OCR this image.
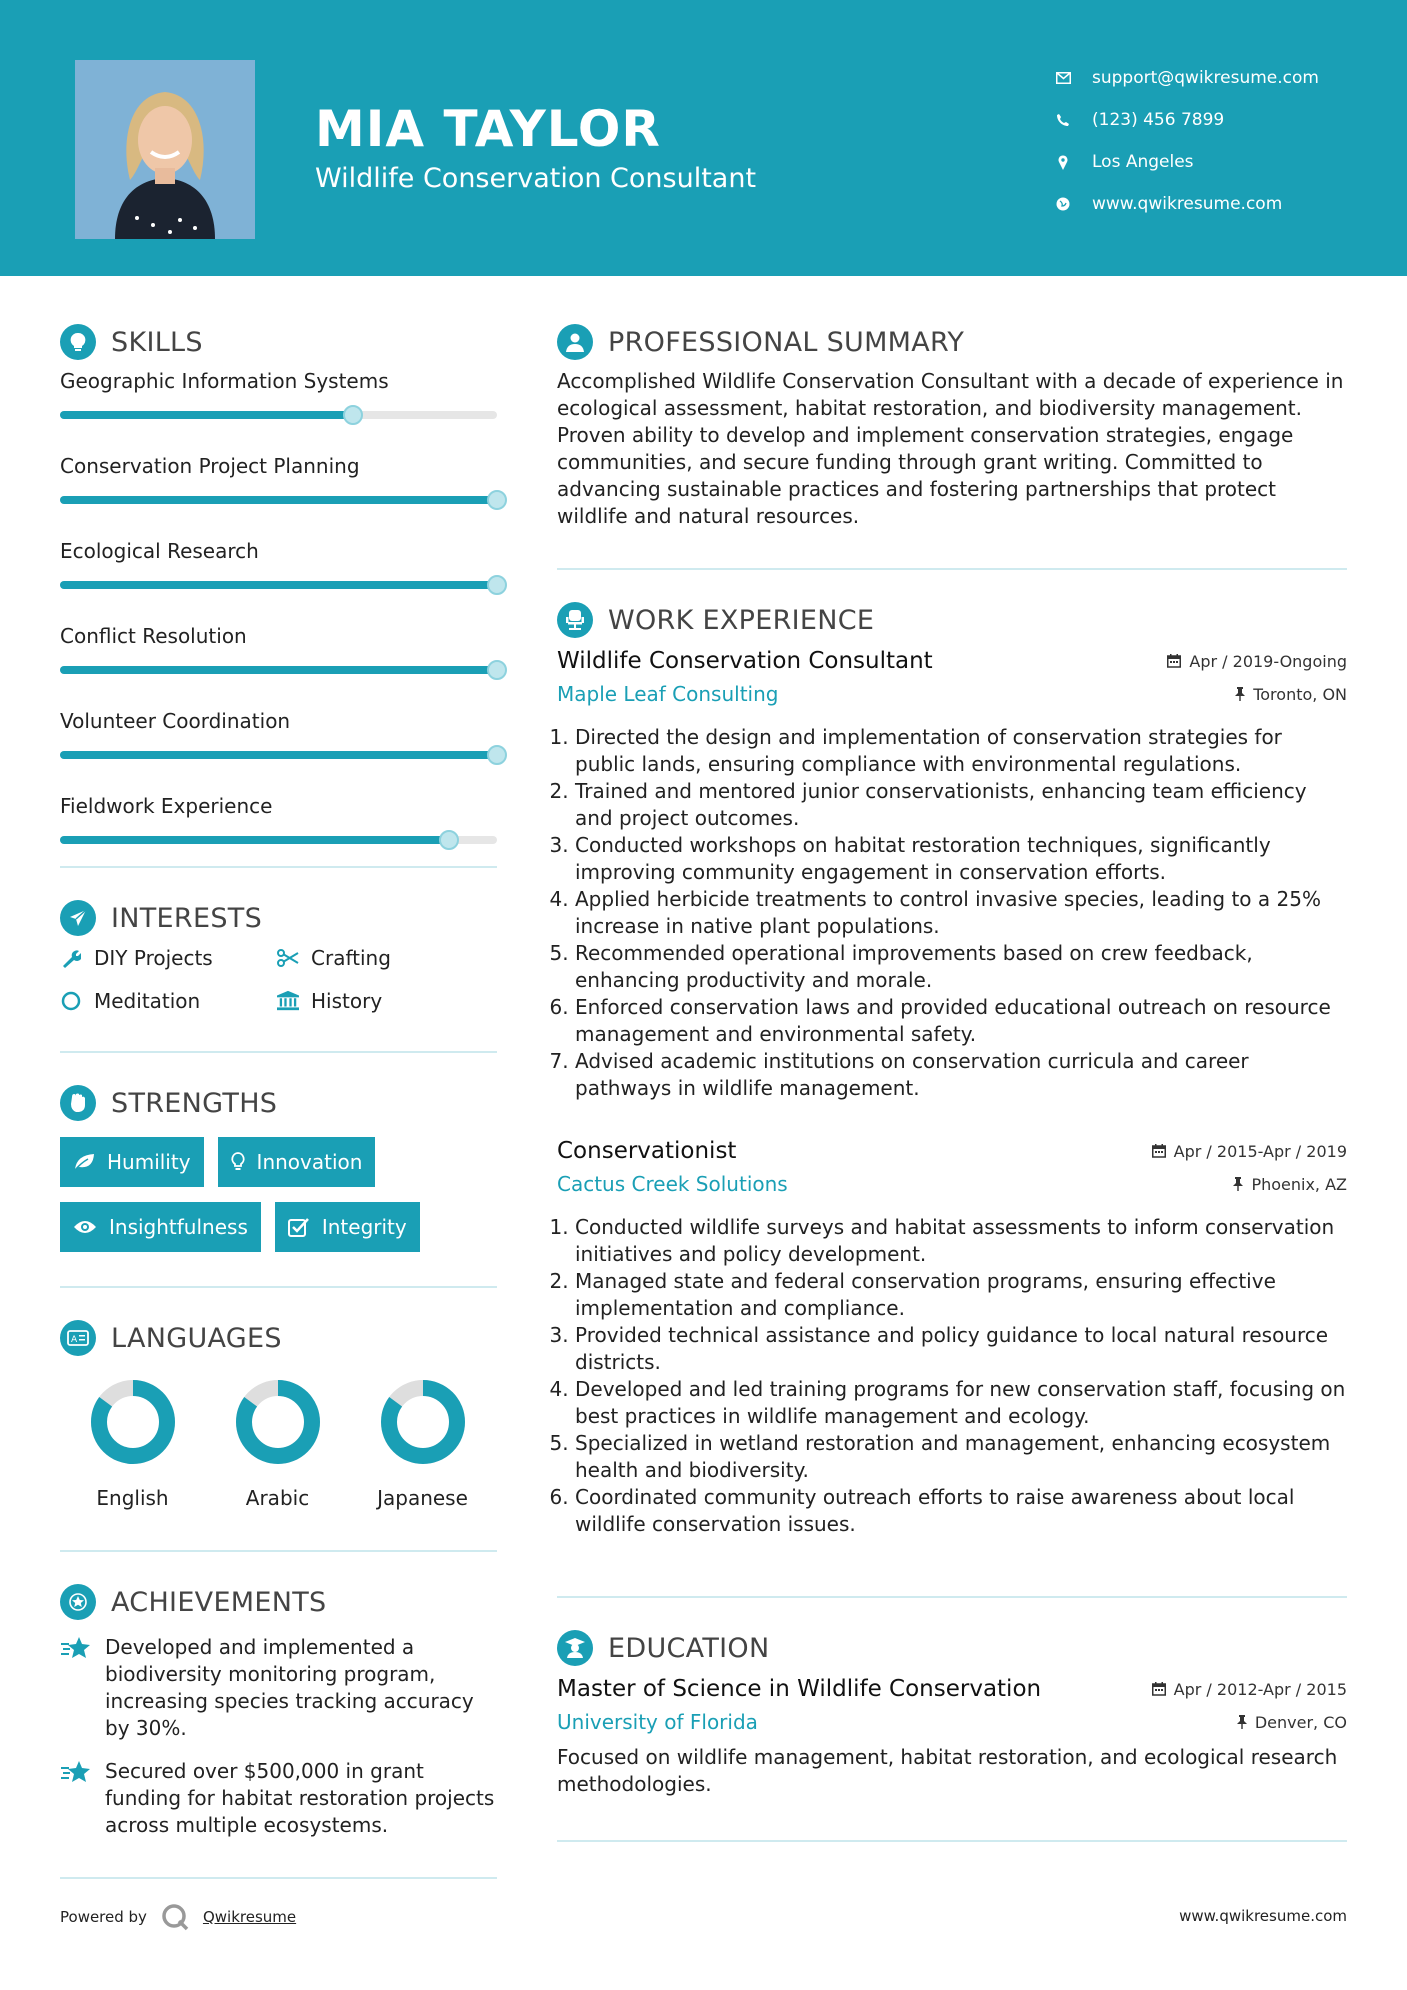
MIA TAYLOR
Wildlife Conservation Consultant
support@qwikresume.com
(123) 456 7899
Los Angeles
www.qwikresume.com
SKILLS
Geographic Information Systems
Conservation Project Planning
Ecological Research
Conflict Resolution
Volunteer Coordination
Fieldwork Experience
INTERESTS
DIY Projects	Crafting
Meditation	History
STRENGTHS
Humility	Innovation
Insightfulness	Integrity
A LANGUAGES
English	Arabic	Japanese
ACHIEVEMENTS
Developed and implemented a biodiversity monitoring program, increasing species tracking accuracy by 30%.
Secured over $500,000 in grant funding for habitat restoration projects across multiple ecosystems.
PROFESSIONAL SUMMARY
Accomplished Wildlife Conservation Consultant with a decade of experience in ecological assessment, habitat restoration, and biodiversity management. Proven ability to develop and implement conservation strategies, engage communities, and secure funding through grant writing. Committed to advancing sustainable practices and fostering partnerships that protect wildlife and natural resources.
WORK EXPERIENCE
Wildlife Conservation Consultant	Apr / 2019-Ongoing
Maple Leaf Consulting	Toronto, ON
1. Directed the design and implementation of conservation strategies for public lands, ensuring compliance with environmental regulations.
2. Trained and mentored junior conservationists, enhancing team efficiency and project outcomes.
3. Conducted workshops on habitat restoration techniques, significantly improving community engagement in conservation efforts.
4. Applied herbicide treatments to control invasive species, leading to a 25% increase in native plant populations.
5. Recommended operational improvements based on crew feedback, enhancing productivity and morale.
6. Enforced conservation laws and provided educational outreach on resource management and environmental safety.
7. Advised academic institutions on conservation curricula and career pathways in wildlife management.
Conservationist	Apr / 2015-Apr / 2019
Cactus Creek Solutions	Phoenix, AZ
1. Conducted wildlife surveys and habitat assessments to inform conservation initiatives and policy development.
2. Managed state and federal conservation programs, ensuring effective implementation and compliance.
3. Provided technical assistance and policy guidance to local natural resource districts.
4. Developed and led training programs for new conservation staff, focusing on best practices in wildlife management and ecology.
5. Specialized in wetland restoration and management, enhancing ecosystem health and biodiversity.
6. Coordinated community outreach efforts to raise awareness about local wildlife conservation issues.
EDUCATION
Master of Science in Wildlife Conservation	Apr / 2012-Apr / 2015
University of Florida	Denver, CO
Focused on wildlife management, habitat restoration, and ecological research methodologies.
Powered by	Qwikresume	www.qwikresume.com
